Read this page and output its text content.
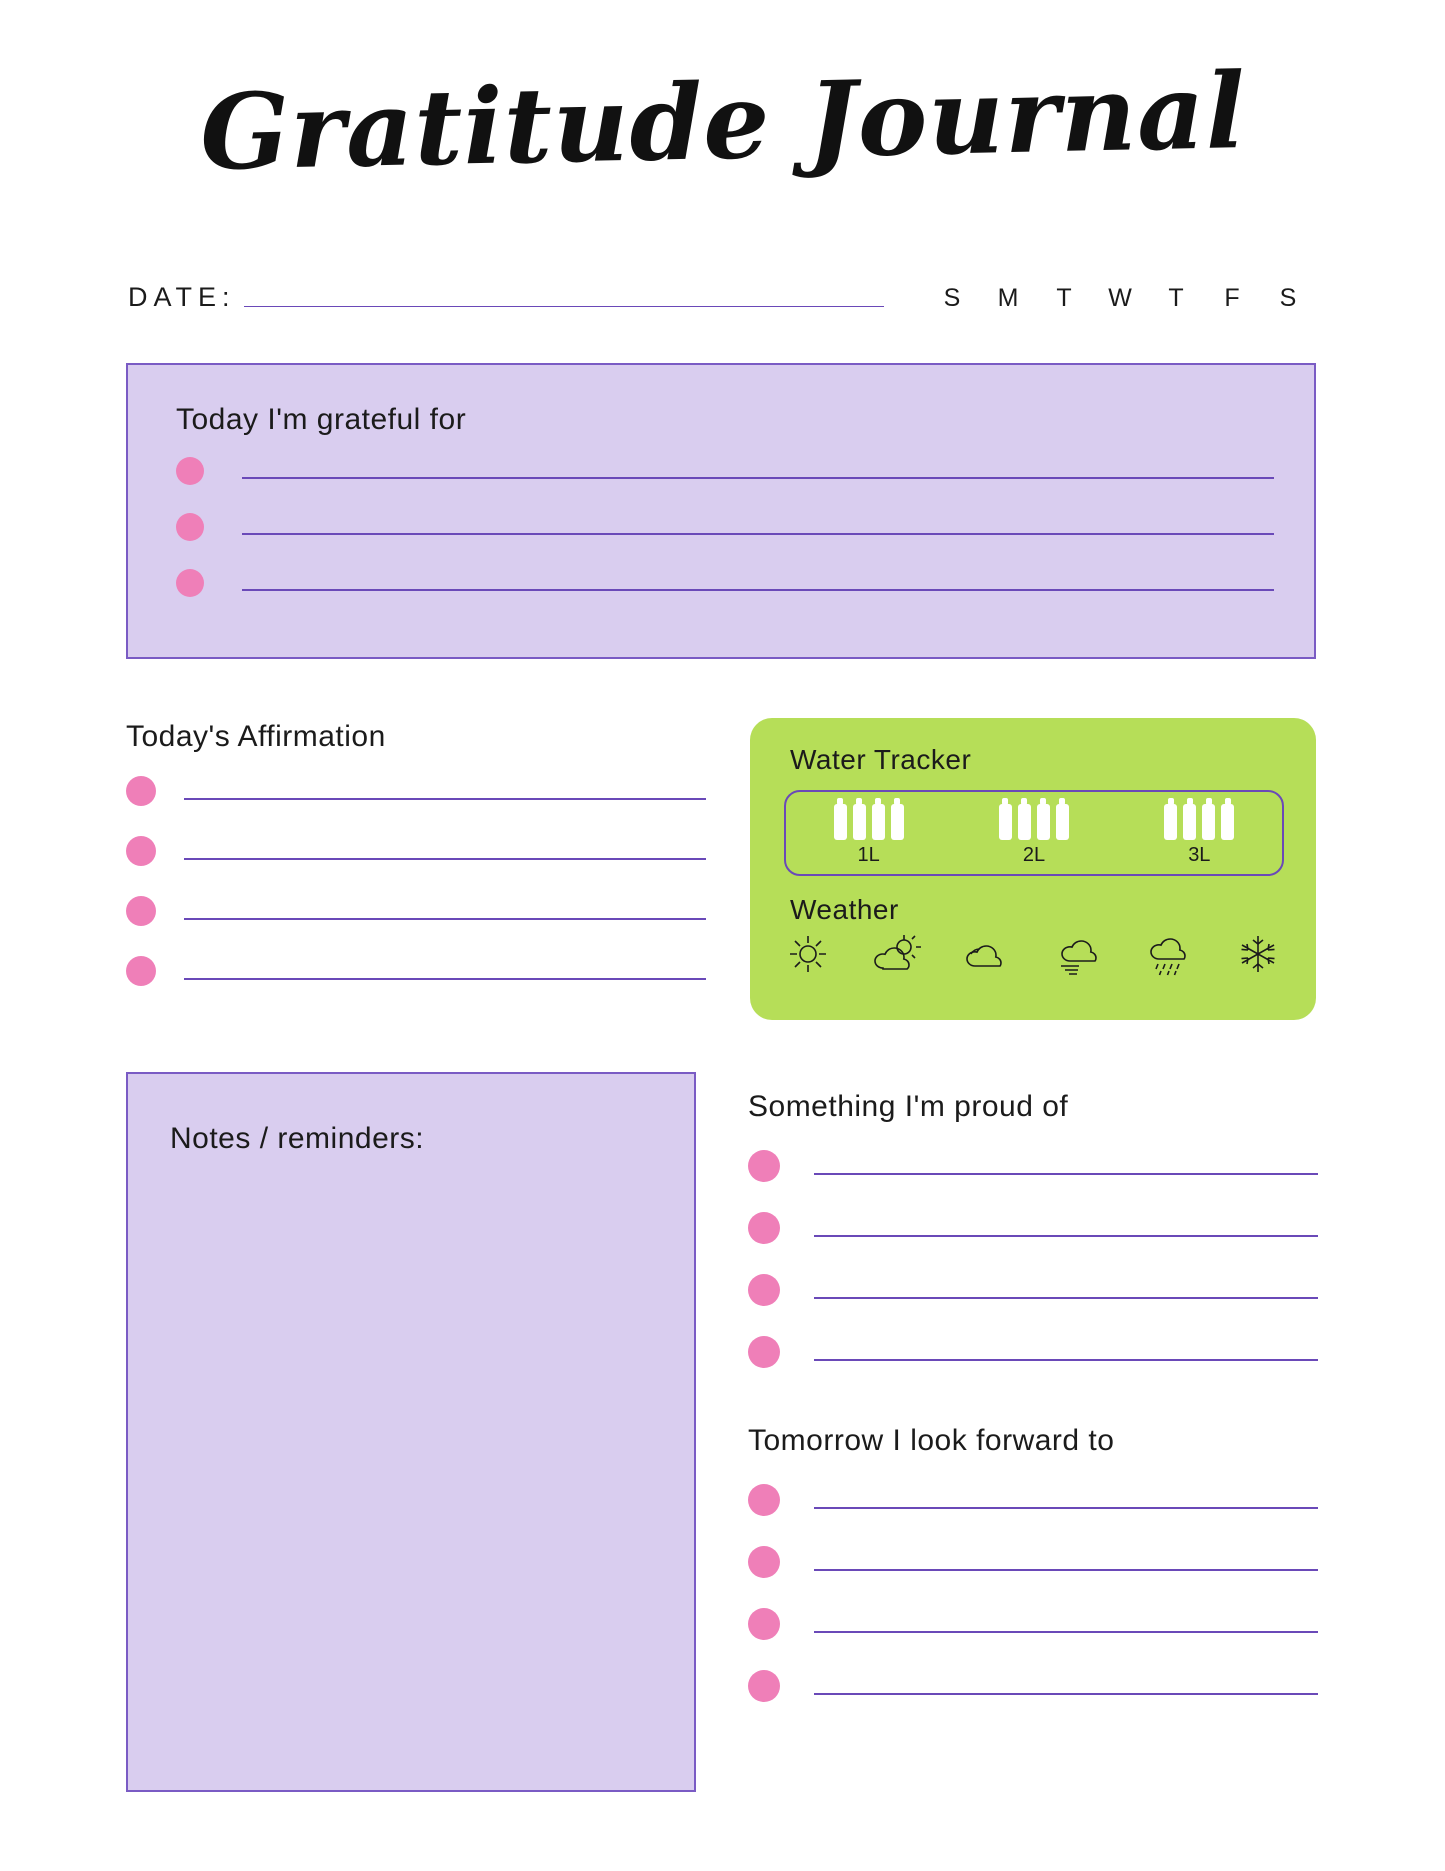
Gratitude Journal
DATE:	S	M	T	W	T	F	S
Today I'm grateful for
Today's Affirmation
Water Tracker
1L	2L	3L
Weather
Notes / reminders:
Something I'm proud of
Tomorrow I look forward to
